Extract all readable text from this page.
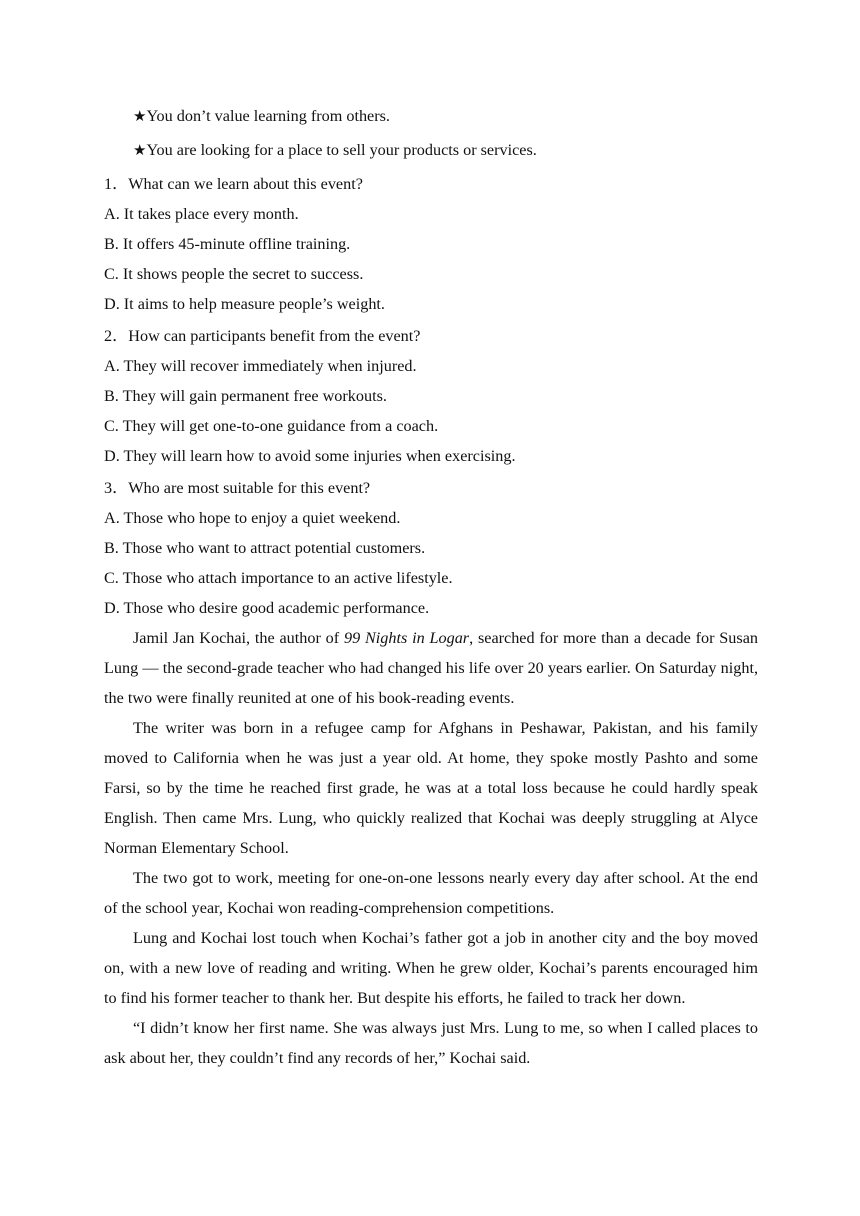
★You don’t value learning from others.
★You are looking for a place to sell your products or services.
1．What can we learn about this event?
A. It takes place every month.
B. It offers 45-minute offline training.
C. It shows people the secret to success.
D. It aims to help measure people’s weight.
2．How can participants benefit from the event?
A. They will recover immediately when injured.
B. They will gain permanent free workouts.
C. They will get one-to-one guidance from a coach.
D. They will learn how to avoid some injuries when exercising.
3．Who are most suitable for this event?
A. Those who hope to enjoy a quiet weekend.
B. Those who want to attract potential customers.
C. Those who attach importance to an active lifestyle.
D. Those who desire good academic performance.

Jamil Jan Kochai, the author of 99 Nights in Logar, searched for more than a decade for Susan Lung — the second-grade teacher who had changed his life over 20 years earlier. On Saturday night, the two were finally reunited at one of his book-reading events.

The writer was born in a refugee camp for Afghans in Peshawar, Pakistan, and his family moved to California when he was just a year old. At home, they spoke mostly Pashto and some Farsi, so by the time he reached first grade, he was at a total loss because he could hardly speak English. Then came Mrs. Lung, who quickly realized that Kochai was deeply struggling at Alyce Norman Elementary School.

The two got to work, meeting for one-on-one lessons nearly every day after school. At the end of the school year, Kochai won reading-comprehension competitions.

Lung and Kochai lost touch when Kochai’s father got a job in another city and the boy moved on, with a new love of reading and writing. When he grew older, Kochai’s parents encouraged him to find his former teacher to thank her. But despite his efforts, he failed to track her down.

“I didn’t know her first name. She was always just Mrs. Lung to me, so when I called places to ask about her, they couldn’t find any records of her,” Kochai said.
